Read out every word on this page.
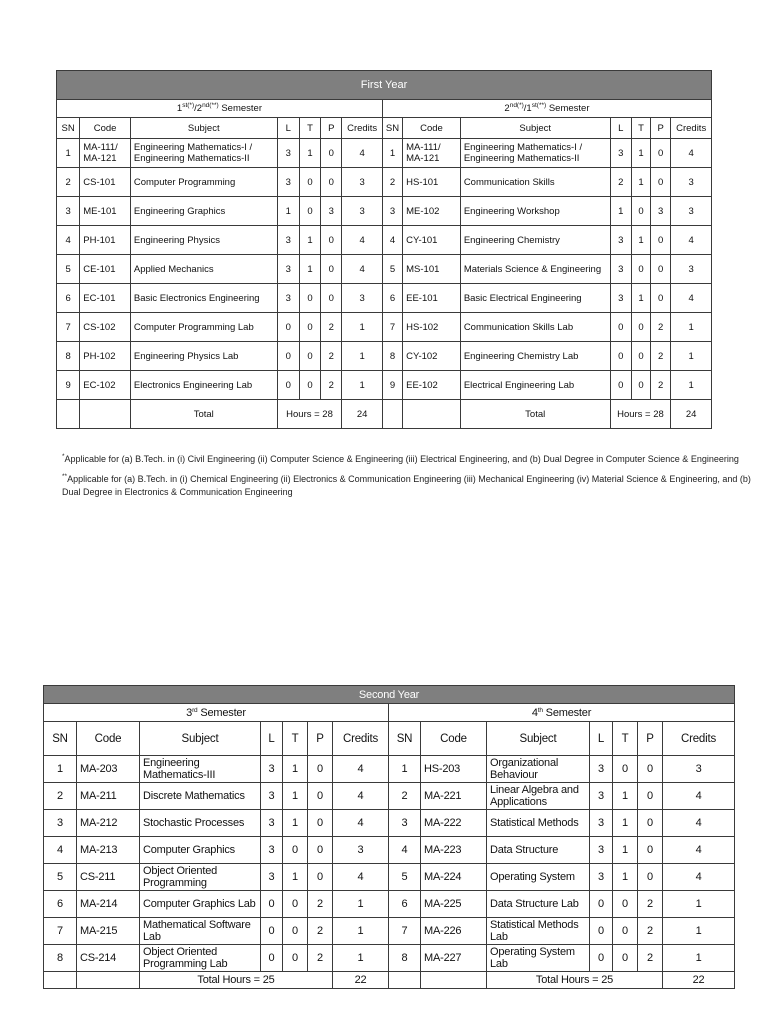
First Year													
$1^{st(*)}/2^{nd(**)}$ Semester							$2^{nd(*)}/1^{st(**)}$ Semester						
SN	Code	Subject	L	T	P	Credits	SN	Code	Subject	L	T	P	Credits
1	MA-111/ MA-121	Engineering Mathematics-I / Engineering Mathematics-II	3	1	0	4	1	MA-111/ MA-121	Engineering Mathematics-I / Engineering Mathematics-II	3	1	0	4
2	CS-101	Computer Programming	3	0	0	3	2	HS-101	Communication Skills	2	1	0	3
3	ME-101	Engineering Graphics	1	0	3	3	3	ME-102	Engineering Workshop	1	0	3	3
4	PH-101	Engineering Physics	3	1	0	4	4	CY-101	Engineering Chemistry	3	1	0	4
5	CE-101	Applied Mechanics	3	1	0	4	5	MS-101	Materials Science & Engineering	3	0	0	3
6	EC-101	Basic Electronics Engineering	3	0	0	3	6	EE-101	Basic Electrical Engineering	3	1	0	4
7	CS-102	Computer Programming Lab	0	0	2	1	7	HS-102	Communication Skills Lab	0	0	2	1
8	PH-102	Engineering Physics Lab	0	0	2	1	8	CY-102	Engineering Chemistry Lab	0	0	2	1
9	EC-102	Electronics Engineering Lab	0	0	2	1	9	EE-102	Electrical Engineering Lab	0	0	2	1
		Total	Hours = 28			24			Total	Hours = 28			24
*Applicable for (a) B.Tech. in (i) Civil Engineering (ii) Computer Science & Engineering (iii) Electrical Engineering, and (b) Dual Degree in Computer Science & Engineering
**Applicable for (a) B.Tech. in (i) Chemical Engineering (ii) Electronics & Communication Engineering (iii) Mechanical Engineering (iv) Material Science & Engineering, and (b) Dual Degree in Electronics & Communication Engineering
Second Year													
3rd Semester							4th Semester						
SN	Code	Subject	L	T	P	Credits	SN	Code	Subject	L	T	P	Credits
1	MA-203	Engineering Mathematics-III	3	1	0	4	1	HS-203	Organizational Behaviour	3	0	0	3
2	MA-211	Discrete Mathematics	3	1	0	4	2	MA-221	Linear Algebra and Applications	3	1	0	4
3	MA-212	Stochastic Processes	3	1	0	4	3	MA-222	Statistical Methods	3	1	0	4
4	MA-213	Computer Graphics	3	0	0	3	4	MA-223	Data Structure	3	1	0	4
5	CS-211	Object Oriented Programming	3	1	0	4	5	MA-224	Operating System	3	1	0	4
6	MA-214	Computer Graphics Lab	0	0	2	1	6	MA-225	Data Structure Lab	0	0	2	1
7	MA-215	Mathematical Software Lab	0	0	2	1	7	MA-226	Statistical Methods Lab	0	0	2	1
8	CS-214	Object Oriented Programming Lab	0	0	2	1	8	MA-227	Operating System Lab	0	0	2	1
		Total Hours = 25				22			Total Hours = 25				22
